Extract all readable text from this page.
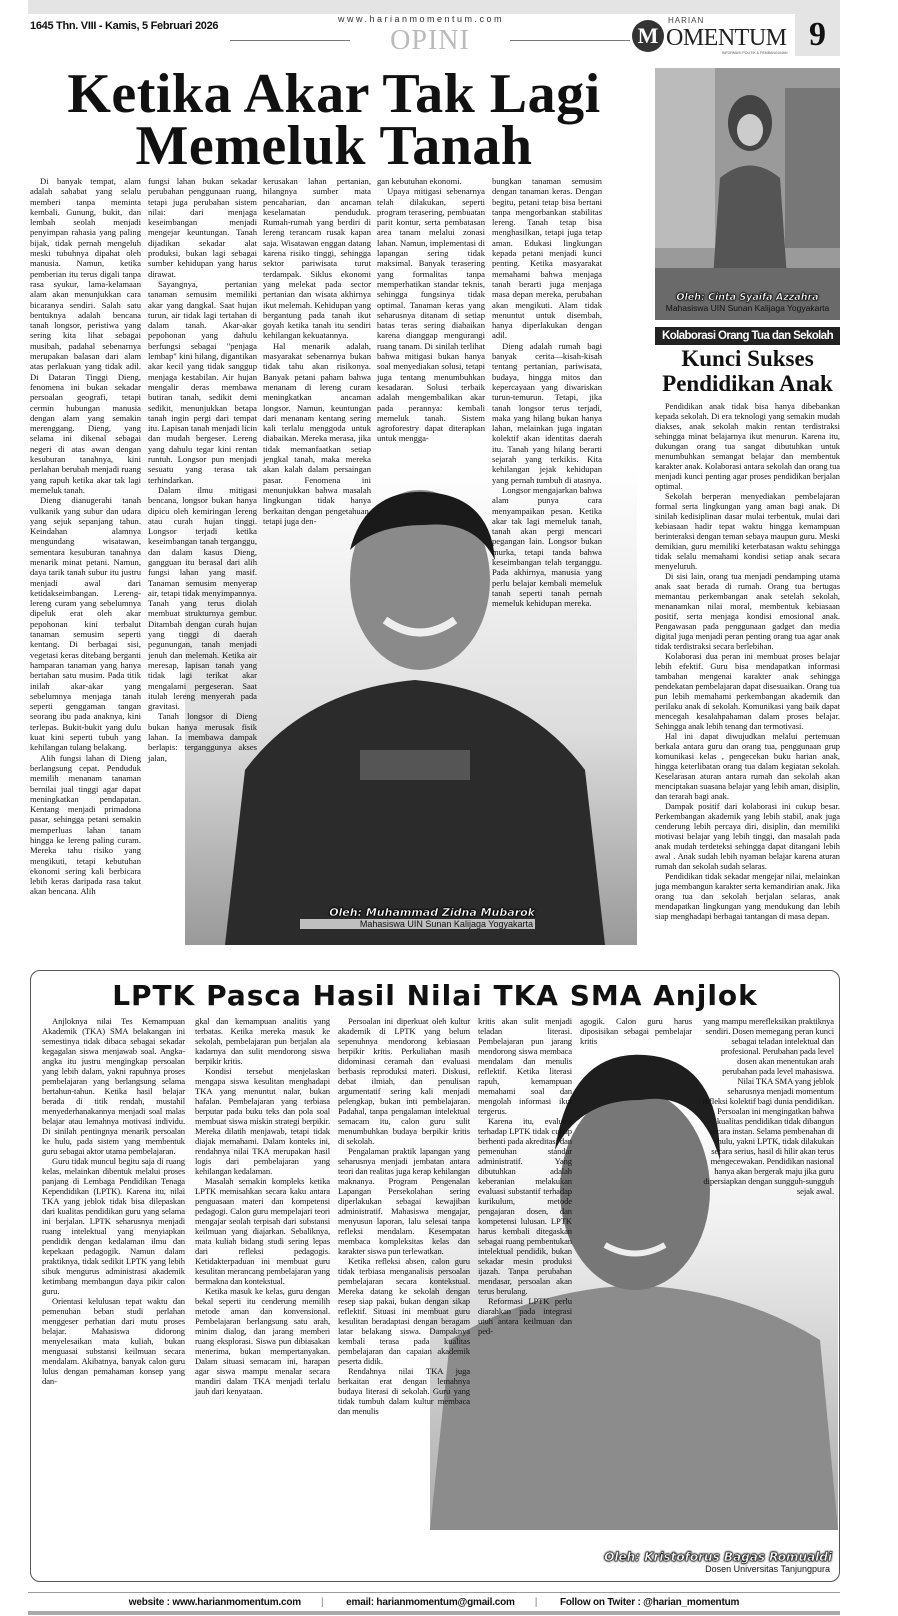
1645 Thn. VIII - Kamis, 5 Februari 2026
www.harianmomentum.com
OPINI	M
HARIAN
OMENTUM
INFORMASI POLITIK & PEMBANGUNAN 9
Ketika Akar Tak Lagi
Memeluk Tanah
Oleh: Muhammad Zidna Mubarok
Mahasiswa UIN Sunan Kalijaga Yogyakarta

Di banyak tempat, alam adalah sahabat yang selalu memberi tanpa meminta kembali. Gunung, bukit, dan lembah seolah menjadi penyimpan rahasia yang paling bijak, tidak pernah mengeluh meski tubuhnya dipahat oleh manusia. Namun, ketika pemberian itu terus digali tanpa rasa syukur, lama-kelamaan alam akan menunjukkan cara bicaranya sendiri. Salah satu bentuknya adalah bencana tanah longsor, peristiwa yang sering kita lihat sebagai musibah, padahal sebenarnya merupakan balasan dari alam atas perlakuan yang tidak adil. Di Dataran Tinggi Dieng, fenomena ini bukan sekadar persoalan geografi, tetapi cermin hubungan manusia dengan alam yang semakin merenggang. Dieng, yang selama ini dikenal sebagai negeri di atas awan dengan kesuburan tanahnya, kini perlahan berubah menjadi ruang yang rapuh ketika akar tak lagi memeluk tanah.

Dieng dianugerahi tanah vulkanik yang subur dan udara yang sejuk sepanjang tahun. Keindahan alamnya mengundang wisatawan, sementara kesuburan tanahnya menarik minat petani. Namun, daya tarik tanah subur itu justru menjadi awal dari ketidakseimbangan. Lereng-lereng curam yang sebelumnya dipeluk erat oleh akar pepohonan kini terbalut tanaman semusim seperti kentang. Di berbagai sisi, vegetasi keras ditebang berganti hamparan tanaman yang hanya bertahan satu musim. Pada titik inilah akar-akar yang sebelumnya menjaga tanah seperti genggaman tangan seorang ibu pada anaknya, kini terlepas. Bukit-bukit yang dulu kuat kini seperti tubuh yang kehilangan tulang belakang.

Alih fungsi lahan di Dieng berlangsung cepat. Penduduk memilih menanam tanaman bernilai jual tinggi agar dapat meningkatkan pendapatan. Kentang menjadi primadona pasar, sehingga petani semakin memperluas lahan tanam hingga ke lereng paling curam. Mereka tahu risiko yang mengikuti, tetapi kebutuhan ekonomi sering kali berbicara lebih keras daripada rasa takut akan bencana. Alih

fungsi lahan bukan sekadar perubahan penggunaan ruang, tetapi juga perubahan sistem nilai: dari menjaga keseimbangan menjadi mengejar keuntungan. Tanah dijadikan sekadar alat produksi, bukan lagi sebagai sumber kehidupan yang harus dirawat.

Sayangnya, pertanian tanaman semusim memiliki akar yang dangkal. Saat hujan turun, air tidak lagi tertahan di dalam tanah. Akar-akar pepohonan yang dahulu berfungsi sebagai "penjaga lembap" kini hilang, digantikan akar kecil yang tidak sanggup menjaga kestabilan. Air hujan mengalir deras membawa butiran tanah, sedikit demi sedikit, menunjukkan betapa tanah ingin pergi dari tempat itu. Lapisan tanah menjadi licin dan mudah bergeser. Lereng yang dahulu tegar kini rentan runtuh. Longsor pun menjadi sesuatu yang terasa tak terhindarkan.

Dalam ilmu mitigasi bencana, longsor bukan hanya dipicu oleh kemiringan lereng atau curah hujan tinggi. Longsor terjadi ketika keseimbangan tanah terganggu, dan dalam kasus Dieng, gangguan itu berasal dari alih fungsi lahan yang masif. Tanaman semusim menyerap air, tetapi tidak menyimpannya. Tanah yang terus diolah membuat strukturnya gembur. Ditambah dengan curah hujan yang tinggi di daerah pegunungan, tanah menjadi jenuh dan melemah. Ketika air meresap, lapisan tanah yang tidak lagi terikat akar mengalami pergeseran. Saat itulah lereng menyerah pada gravitasi.

Tanah longsor di Dieng bukan hanya merusak fisik lahan. Ia membawa dampak berlapis: terganggunya akses jalan,

kerusakan lahan pertanian, hilangnya sumber mata pencaharian, dan ancaman keselamatan penduduk. Rumah-rumah yang berdiri di lereng terancam rusak kapan saja. Wisatawan enggan datang karena risiko tinggi, sehingga sektor pariwisata turut terdampak. Siklus ekonomi yang melekat pada sector pertanian dan wisata akhirnya ikut melemah. Kehidupan yang bergantung pada tanah ikut goyah ketika tanah itu sendiri kehilangan kekuatannya.

Hal menarik adalah, masyarakat sebenarnya bukan tidak tahu akan risikonya. Banyak petani paham bahwa menanam di lereng curam meningkatkan ancaman longsor. Namun, keuntungan dari menanam kentang sering kali terlalu menggoda untuk diabaikan. Mereka merasa, jika tidak memanfaatkan setiap jengkal tanah, maka mereka akan kalah dalam persaingan pasar. Fenomena ini menunjukkan bahwa masalah lingkungan tidak hanya berkaitan dengan pengetahuan, tetapi juga den-

gan kebutuhan ekonomi.

Upaya mitigasi sebenarnya telah dilakukan, seperti program terasering, pembuatan parit kontur, serta pembatasan area tanam melalui zonasi lahan. Namun, implementasi di lapangan sering tidak maksimal. Banyak terasering yang formalitas tanpa memperhatikan standar teknis, sehingga fungsinya tidak optimal. Tanaman keras yang seharusnya ditanam di setiap batas teras sering diabaikan karena dianggap mengurangi ruang tanam. Di sinilah terlihat bahwa mitigasi bukan hanya soal menyediakan solusi, tetapi juga tentang menumbuhkan kesadaran. Solusi terbaik adalah mengembalikan akar pada perannya: kembali memeluk tanah. Sistem agroforestry dapat diterapkan untuk mengga-

bungkan tanaman semusim dengan tanaman keras. Dengan begitu, petani tetap bisa bertani tanpa mengorbankan stabilitas lereng. Tanah tetap bisa menghasilkan, tetapi juga tetap aman. Edukasi lingkungan kepada petani menjadi kunci penting. Ketika masyarakat memahami bahwa menjaga tanah berarti juga menjaga masa depan mereka, perubahan akan mengikuti. Alam tidak menuntut untuk disembah, hanya diperlakukan dengan adil.

Dieng adalah rumah bagi banyak cerita—kisah-kisah tentang pertanian, pariwisata, budaya, hingga mitos dan kepercayaan yang diwariskan turun-temurun. Tetapi, jika tanah longsor terus terjadi, maka yang hilang bukan hanya lahan, melainkan juga ingatan kolektif akan identitas daerah itu. Tanah yang hilang berarti sejarah yang terkikis. Kita kehilangan jejak kehidupan yang pernah tumbuh di atasnya.

Longsor mengajarkan bahwa alam punya cara menyampaikan pesan. Ketika akar tak lagi memeluk tanah, tanah akan pergi mencari pegangan lain. Longsor bukan murka, tetapi tanda bahwa keseimbangan telah terganggu. Pada akhirnya, manusia yang perlu belajar kembali memeluk tanah seperti tanah pernah memeluk kehidupan mereka.

Oleh: Cinta Syaifa Azzahra
Mahasiswa UIN Sunan Kalijaga Yogyakarta
Kolaborasi Orang Tua dan Sekolah
Kunci Sukses
Pendidikan Anak

Pendidikan anak tidak bisa hanya dibebankan kepada sekolah. Di era teknologi yang semakin mudah diakses, anak sekolah makin rentan terdistraksi sehingga minat belajarnya ikut menurun. Karena itu, dukungan orang tua sangat dibutuhkan untuk menumbuhkan semangat belajar dan membentuk karakter anak. Kolaborasi antara sekolah dan orang tua menjadi kunci penting agar proses pendidikan berjalan optimal.

Sekolah berperan menyediakan pembelajaran formal serta lingkungan yang aman bagi anak. Di sinilah kedisiplinan dasar mulai terbentuk, mulai dari kebiasaan hadir tepat waktu hingga kemampuan berinteraksi dengan teman sebaya maupun guru. Meski demikian, guru memiliki keterbatasan waktu sehingga tidak selalu memahami kondisi setiap anak secara menyeluruh.

Di sisi lain, orang tua menjadi pendamping utama anak saat berada di rumah. Orang tua bertugas memantau perkembangan anak setelah sekolah, menanamkan nilai moral, membentuk kebiasaan positif, serta menjaga kondisi emosional anak. Pengawasan pada penggunaan gadget dan media digital juga menjadi peran penting orang tua agar anak tidak terdistraksi secara berlebihan.

Kolaborasi dua peran ini membuat proses belajar lebih efektif. Guru bisa mendapatkan informasi tambahan mengenai karakter anak sehingga pendekatan pembelajaran dapat disesuaikan. Orang tua pun lebih memahami perkembangan akademik dan perilaku anak di sekolah. Komunikasi yang baik dapat mencegah kesalahpahaman dalam proses belajar. Sehingga anak lebih tenang dan termotivasi.

Hal ini dapat diwujudkan melalui pertemuan berkala antara guru dan orang tua, penggunaan grup komunikasi kelas , pengecekan buku harian anak, hingga keterlibatan orang tua dalam kegiatan sekolah. Keselarasan aturan antara rumah dan sekolah akan menciptakan suasana belajar yang lebih aman, disiplin, dan terarah bagi anak.

Dampak positif dari kolaborasi ini cukup besar. Perkembangan akademik yang lebih stabil, anak juga cenderung lebih percaya diri, disiplin, dan memiliki motivasi belajar yang lebih tinggi, dan masalah pada anak mudah terdeteksi sehingga dapat ditangani lebih awal . Anak sudah lebih nyaman belajar karena aturan rumah dan sekolah sudah selaras.

Pendidikan tidak sekadar mengejar nilai, melainkan juga membangun karakter serta kemandirian anak. Jika orang tua dan sekolah berjalan selaras, anak mendapatkan lingkungan yang mendukung dan lebih siap menghadapi berbagai tantangan di masa depan.

LPTK Pasca Hasil Nilai TKA SMA Anjlok
Oleh: Kristoforus Bagas Romualdi
Dosen Universitas Tanjungpura

Anjloknya nilai Tes Kemampuan Akademik (TKA) SMA belakangan ini semestinya tidak dibaca sebagai sekadar kegagalan siswa menjawab soal. Angka-angka itu justru mengingkap persoalan yang lebih dalam, yakni rapuhnya proses pembelajaran yang berlangsung selama bertahun-tahun. Ketika hasil belajar berada di titik rendah, mustahil menyederhanakannya menjadi soal malas belajar atau lemahnya motivasi individu. Di sinilah pentingnya menarik persoalan ke hulu, pada sistem yang membentuk guru sebagai aktor utama pembelajaran.

Guru tidak muncul begitu saja di ruang kelas, melainkan dibentuk melalui proses panjang di Lembaga Pendidikan Tenaga Kependidikan (LPTK). Karena itu, nilai TKA yang jeblok tidak bisa dilepaskan dari kualitas pendidikan guru yang selama ini berjalan. LPTK seharusnya menjadi ruang intelektual yang menyiapkan pendidik dengan kedalaman ilmu dan kepekaan pedagogik. Namun dalam praktiknya, tidak sedikit LPTK yang lebih sibuk mengurus administrasi akademik ketimbang membangun daya pikir calon guru.

Orientasi kelulusan tepat waktu dan pemenuhan beban studi perlahan menggeser perhatian dari mutu proses belajar. Mahasiswa didorong menyelesaikan mata kuliah, bukan menguasai substansi keilmuan secara mendalam. Akibatnya, banyak calon guru lulus dengan pemahaman konsep yang dan-

gkal dan kemampuan analitis yang terbatas. Ketika mereka masuk ke sekolah, pembelajaran pun berjalan ala kadarnya dan sulit mendorong siswa berpikir kritis.

Kondisi tersebut menjelaskan mengapa siswa kesulitan menghadapi TKA yang menuntut nalar, bukan hafalan. Pembelajaran yang terbiasa berputar pada buku teks dan pola soal membuat siswa miskin strategi berpikir. Mereka dilatih menjawab, tetapi tidak diajak memahami. Dalam konteks ini, rendahnya nilai TKA merupakan hasil logis dari pembelajaran yang kehilangan kedalaman.

Masalah semakin kompleks ketika LPTK memisahkan secara kaku antara penguasaan materi dan kompetensi pedagogi. Calon guru mempelajari teori mengajar seolah terpisah dari substansi keilmuan yang diajarkan. Sebaliknya, mata kuliah bidang studi sering lepas dari refleksi pedagogis. Ketidakterpaduan ini membuat guru kesulitan merancang pembelajaran yang bermakna dan kontekstual.

Ketika masuk ke kelas, guru dengan bekal seperti itu cenderung memilih metode aman dan konvensional. Pembelajaran berlangsung satu arah, minim dialog, dan jarang memberi ruang eksplorasi. Siswa pun dibiasakan menerima, bukan mempertanyakan. Dalam situasi semacam ini, harapan agar siswa mampu menalar secara mandiri dalam TKA menjadi terlalu jauh dari kenyataan.

Persoalan ini diperkuat oleh kultur akademik di LPTK yang belum sepenuhnya mendorong kebiasaan berpikir kritis. Perkuliahan masih didominasi ceramah dan evaluasi berbasis reproduksi materi. Diskusi, debat ilmiah, dan penulisan argumentatif sering kali menjadi pelengkap, bukan inti pembelajaran. Padahal, tanpa pengalaman intelektual semacam itu, calon guru sulit menumbuhkan budaya berpikir kritis di sekolah.

Pengalaman praktik lapangan yang seharusnya menjadi jembatan antara teori dan realitas juga kerap kehilangan maknanya. Program Pengenalan Lapangan Persekolahan sering diperlakukan sebagai kewajiban administratif. Mahasiswa mengajar, menyusun laporan, lalu selesai tanpa refleksi mendalam. Kesempatan membaca kompleksitas kelas dan karakter siswa pun terlewatkan.

Ketika refleksi absen, calon guru tidak terbiasa menganalisis persoalan pembelajaran secara kontekstual. Mereka datang ke sekolah dengan resep siap pakai, bukan dengan sikap reflektif. Situasi ini membuat guru kesulitan beradaptasi dengan beragam latar belakang siswa. Dampaknya kembali terasa pada kualitas pembelajaran dan capaian akademik peserta didik.

Rendahnya nilai TKA juga berkaitan erat dengan lemahnya budaya literasi di sekolah. Guru yang tidak tumbuh dalam kultur membaca dan menulis

kritis akan sulit menjadi teladan literasi. Pembelajaran pun jarang mendorong siswa membaca mendalam dan menulis reflektif. Ketika literasi rapuh, kemampuan memahami soal dan mengolah informasi ikut tergerus.

Karena itu, evaluasi terhadap LPTK tidak cukup berhenti pada akreditasi dan pemenuhan standar administratif. Yang dibutuhkan adalah keberanian melakukan evaluasi substantif terhadap kurikulum, metode pengajaran dosen, dan kompetensi lulusan. LPTK harus kembali ditegaskan sebagai ruang pembentukan intelektual pendidik, bukan sekadar mesin produksi ijazah. Tanpa perubahan mendasar, persoalan akan terus berulang.

Reformasi LPTK perlu diarahkan pada integrasi utuh antara keilmuan dan ped-

agogik. Calon guru harus diposisikan sebagai pembelajar kritis

yang mampu merefleksikan praktiknya sendiri. Dosen memegang peran kunci sebagai teladan intelektual dan profesional. Perubahan pada level dosen akan menentukan arah perubahan pada level mahasiswa.

Nilai TKA SMA yang jeblok seharusnya menjadi momentum refleksi kolektif bagi dunia pendidikan. Persoalan ini mengingatkan bahwa kualitas pendidikan tidak dibangun secara instan. Selama pembenahan di hulu, yakni LPTK, tidak dilakukan secara serius, hasil di hilir akan terus mengecewakan. Pendidikan nasional hanya akan bergerak maju jika guru dipersiapkan dengan sungguh-sungguh sejak awal.

website : www.harianmomentum.com | email: harianmomentum@gmail.com | Follow on Twiter : @harian_momentum
